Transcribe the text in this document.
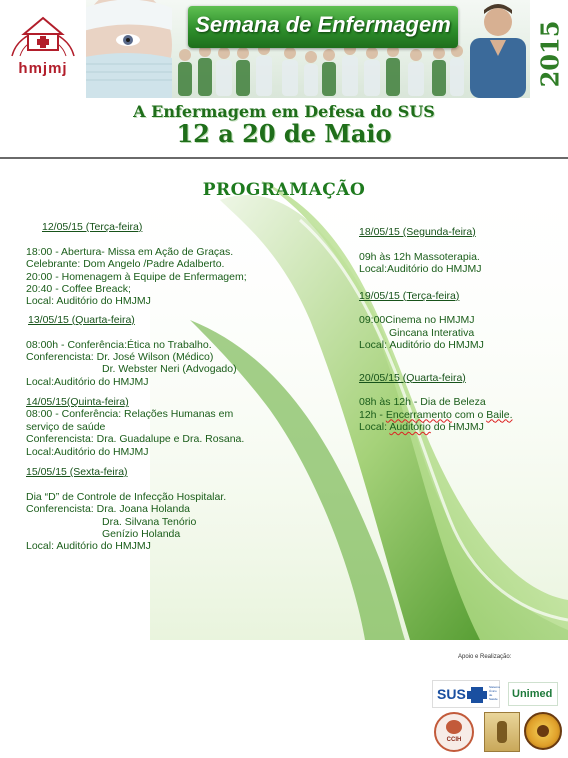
hmjmj
Semana de Enfermagem	2015
A Enfermagem em Defesa do SUS
12 a 20 de Maio
PROGRAMAÇÃO
12/05/15 (Terça-feira)
18:00 - Abertura- Missa em Ação de Graças.
Celebrante: Dom Angelo /Padre Adalberto.
20:00 - Homenagem à Equipe de Enfermagem;
20:40 - Coffee Breack;
Local: Auditório do HMJMJ
13/05/15 (Quarta-feira)
08:00h - Conferência:Ética no Trabalho.
Conferencista: Dr. José Wilson (Médico)
Dr. Webster Neri (Advogado)
Local:Auditório do HMJMJ
14/05/15(Quinta-feira)
08:00 - Conferência: Relações Humanas em
serviço de saúde
Conferencista: Dra. Guadalupe e Dra. Rosana.
Local:Auditório do HMJMJ
15/05/15 (Sexta-feira)
Dia “D” de Controle de Infecção Hospitalar.
Conferencista: Dra. Joana Holanda
Dra. Silvana Tenório
Genízio Holanda
Local: Auditório do HMJMJ
18/05/15 (Segunda-feira)
09h às 12h Massoterapia.
Local:Auditório do HMJMJ
19/05/15 (Terça-feira)
09:00Cinema no HMJMJ
Gincana Interativa
Local: Auditório do HMJMJ
20/05/15 (Quarta-feira)
08h às 12h - Dia de Beleza
12h - Encerramento com o Baile.
Local: Auditório do HMJMJ
Apoio e Realização:
SUS	Sistema Único de Saúde Unimed
CCIH
